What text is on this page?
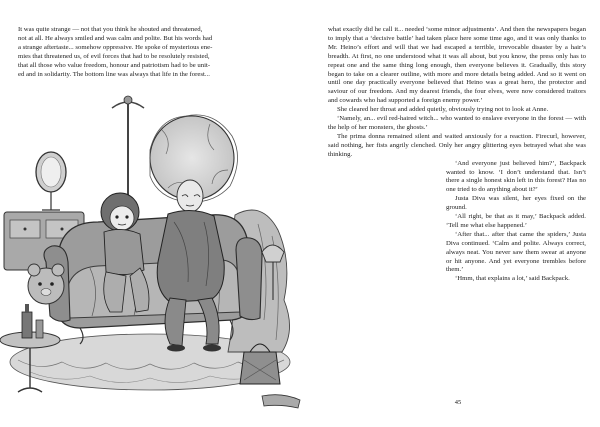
It was quite strange — not that you think he shouted and threatened,
not at all. He always smiled and was calm and polite. But his words had
a strange aftertaste... somehow oppressive. He spoke of mysterious ene-
mies that threatened us, of evil forces that had to be resolutely resisted,
that all those who value freedom, honour and patriotism had to be unit-
ed and in solidarity. The bottom line was always that life in the forest...

what exactly did he call it... needed ‘some minor adjustments’. And then the newspapers began to imply that a ‘decisive battle’ had taken place here some time ago, and it was only thanks to Mr. Heino’s effort and will that we had escaped a terrible, irrevocable disaster by a hair’s breadth. At first, no one understood what it was all about, but you know, the press only has to repeat one and the same thing long enough, then everyone believes it. Gradually, this story began to take on a clearer outline, with more and more details being added. And so it went on until one day practically everyone believed that Heino was a great hero, the protector and saviour of our freedom. And my dearest friends, the four elves, were now considered traitors and cowards who had supported a foreign enemy power.’

She cleared her throat and added quietly, obviously trying not to look at Anne.

‘Namely, an... evil red-haired witch... who wanted to enslave everyone in the forest — with the help of her monsters, the ghosts.’

The prima donna remained silent and waited anxiously for a reaction. Firecurl, however, said nothing, her fists angrily clenched. Only her angry glittering eyes betrayed what she was thinking.

‘And everyone just believed him?’, Backpack wanted to know. ‘I don’t understand that. Isn’t there a single honest skin left in this forest? Has no one tried to do anything about it?’

Justa Diva was silent, her eyes fixed on the ground.

‘All right, be that as it may,’ Backpack added. ‘Tell me what else happened.’

‘After that... after that came the spiders,’ Justa Diva continued. ‘Calm and polite. Always correct, always neat. You never saw them swear at anyone or hit anyone. And yet everyone trembles before them.’

‘Hmm, that explains a lot,’ said Backpack.

45
